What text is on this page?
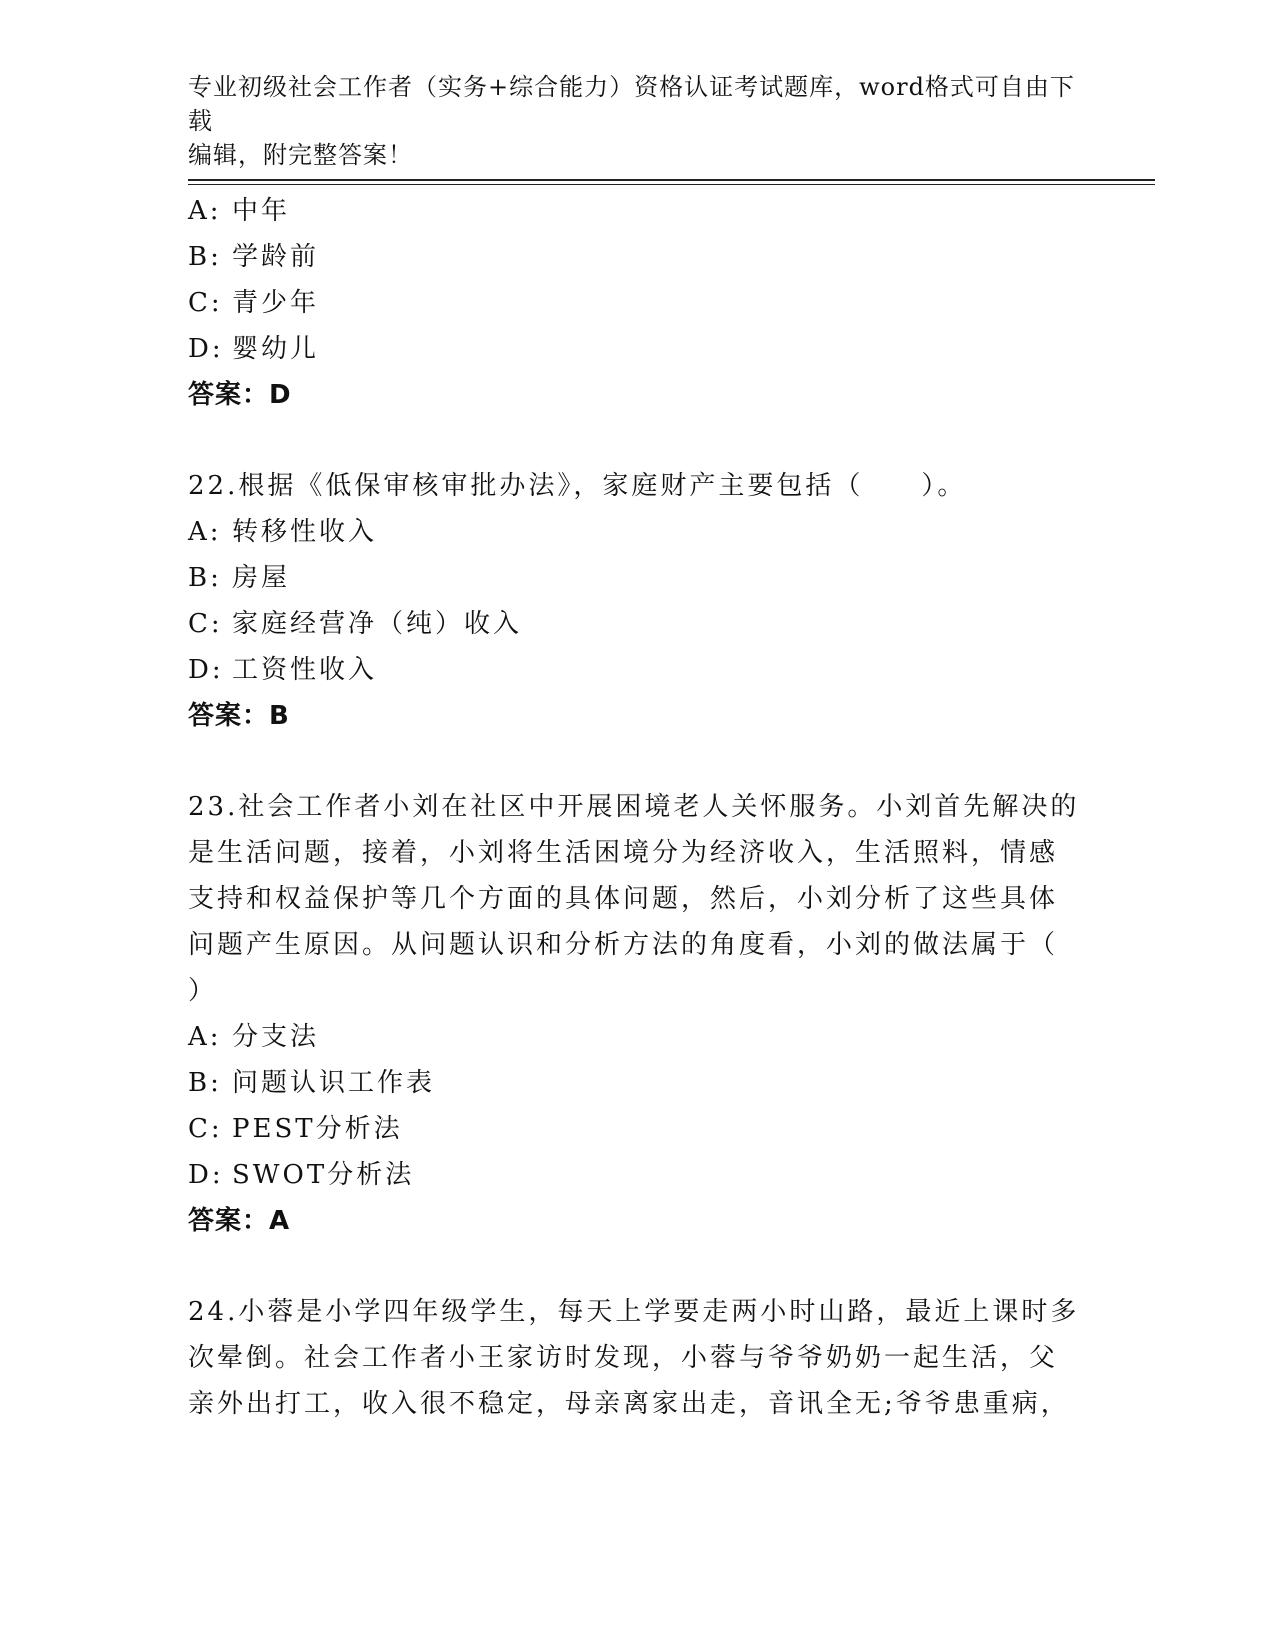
专业初级社会工作者（实务+综合能力）资格认证考试题库，word格式可自由下载
编辑，附完整答案！
A: 中年
B: 学龄前
C: 青少年
D: 婴幼儿
答案：D
22.根据《低保审核审批办法》，家庭财产主要包括（　　）。
A: 转移性收入
B: 房屋
C: 家庭经营净（纯）收入
D: 工资性收入
答案：B
23.社会工作者小刘在社区中开展困境老人关怀服务。小刘首先解决的
是生活问题，接着，小刘将生活困境分为经济收入，生活照料，情感
支持和权益保护等几个方面的具体问题，然后，小刘分析了这些具体
问题产生原因。从问题认识和分析方法的角度看，小刘的做法属于（
）
A: 分支法
B: 问题认识工作表
C: PEST分析法
D: SWOT分析法
答案：A
24.小蓉是小学四年级学生，每天上学要走两小时山路，最近上课时多
次晕倒。社会工作者小王家访时发现，小蓉与爷爷奶奶一起生活，父
亲外出打工，收入很不稳定，母亲离家出走，音讯全无;爷爷患重病，
